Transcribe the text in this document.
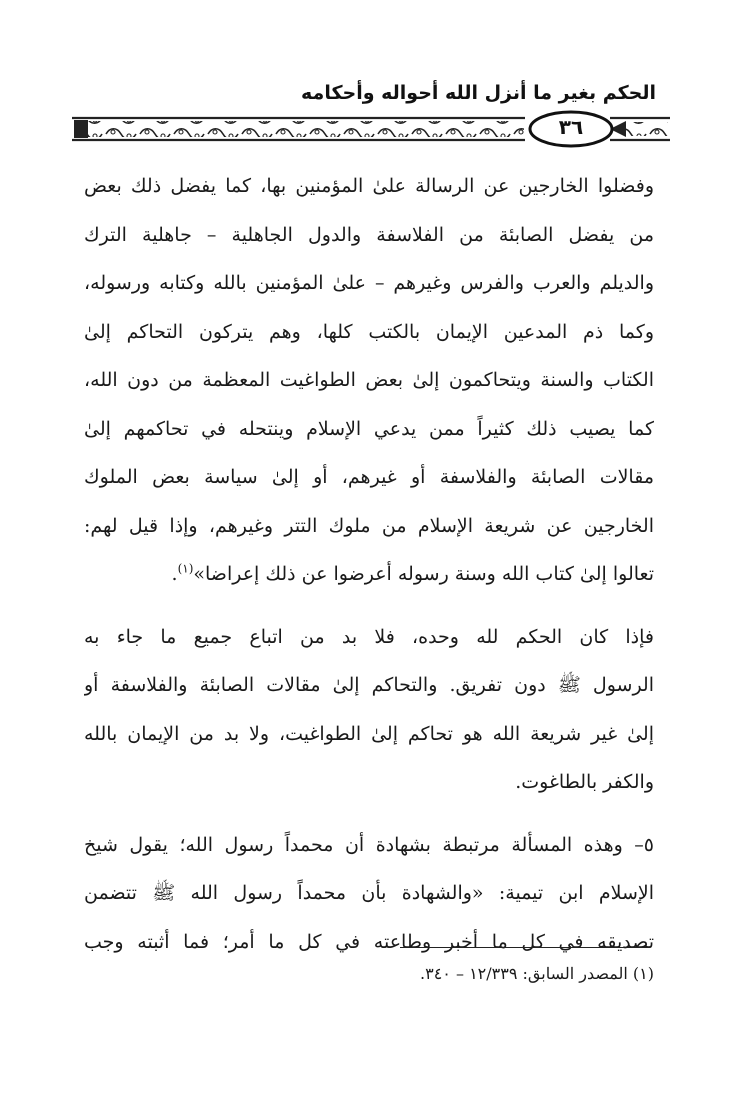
الحكم بغير ما أنزل الله أحواله وأحكامه
٣٦
وفضلوا الخارجين عن الرسالة علىٰ المؤمنين بها، كما يفضل ذلك بعض
من يفضل الصابئة من الفلاسفة والدول الجاهلية – جاهلية الترك
والديلم والعرب والفرس وغيرهم – علىٰ المؤمنين بالله وكتابه ورسوله،
وكما ذم المدعين الإيمان بالكتب كلها، وهم يتركون التحاكم إلىٰ
الكتاب والسنة ويتحاكمون إلىٰ بعض الطواغيت المعظمة من دون الله،
كما يصيب ذلك كثيراً ممن يدعي الإسلام وينتحله في تحاكمهم إلىٰ
مقالات الصابئة والفلاسفة أو غيرهم، أو إلىٰ سياسة بعض الملوك
الخارجين عن شريعة الإسلام من ملوك التتر وغيرهم، وإذا قيل لهم:
تعالوا إلىٰ كتاب الله وسنة رسوله أعرضوا عن ذلك إعراضا»$^{(١)}$.
فإذا كان الحكم لله وحده، فلا بد من اتباع جميع ما جاء به
الرسول ﷺ دون تفريق. والتحاكم إلىٰ مقالات الصابئة والفلاسفة أو
إلىٰ غير شريعة الله هو تحاكم إلىٰ الطواغيت، ولا بد من الإيمان بالله
والكفر بالطاغوت.
٥– وهذه المسألة مرتبطة بشهادة أن محمداً رسول الله؛ يقول شيخ
الإسلام ابن تيمية: «والشهادة بأن محمداً رسول الله ﷺ تتضمن
تصديقه في كل ما أخبر وطاعته في كل ما أمر؛ فما أثبته وجب
(١) المصدر السابق: ١٢/٣٣٩ – ٣٤٠.
